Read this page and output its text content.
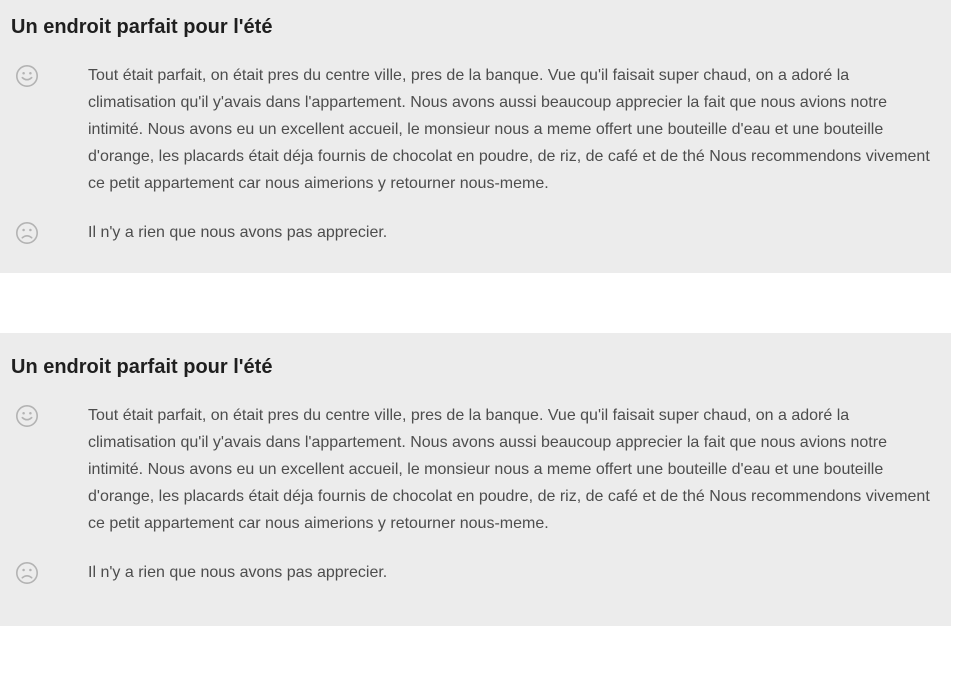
Un endroit parfait pour l'été

Tout était parfait, on était pres du centre ville, pres de la banque. Vue qu'il faisait super chaud, on a adoré la climatisation qu'il y'avais dans l'appartement. Nous avons aussi beaucoup apprecier la fait que nous avions notre intimité. Nous avons eu un excellent accueil, le monsieur nous a meme offert une bouteille d'eau et une bouteille d'orange, les placards était déja fournis de chocolat en poudre, de riz, de café et de thé Nous recommendons vivement ce petit appartement car nous aimerions y retourner nous-meme.

Il n'y a rien que nous avons pas apprecier.

Un endroit parfait pour l'été

Tout était parfait, on était pres du centre ville, pres de la banque. Vue qu'il faisait super chaud, on a adoré la climatisation qu'il y'avais dans l'appartement. Nous avons aussi beaucoup apprecier la fait que nous avions notre intimité. Nous avons eu un excellent accueil, le monsieur nous a meme offert une bouteille d'eau et une bouteille d'orange, les placards était déja fournis de chocolat en poudre, de riz, de café et de thé Nous recommendons vivement ce petit appartement car nous aimerions y retourner nous-meme.

Il n'y a rien que nous avons pas apprecier.
